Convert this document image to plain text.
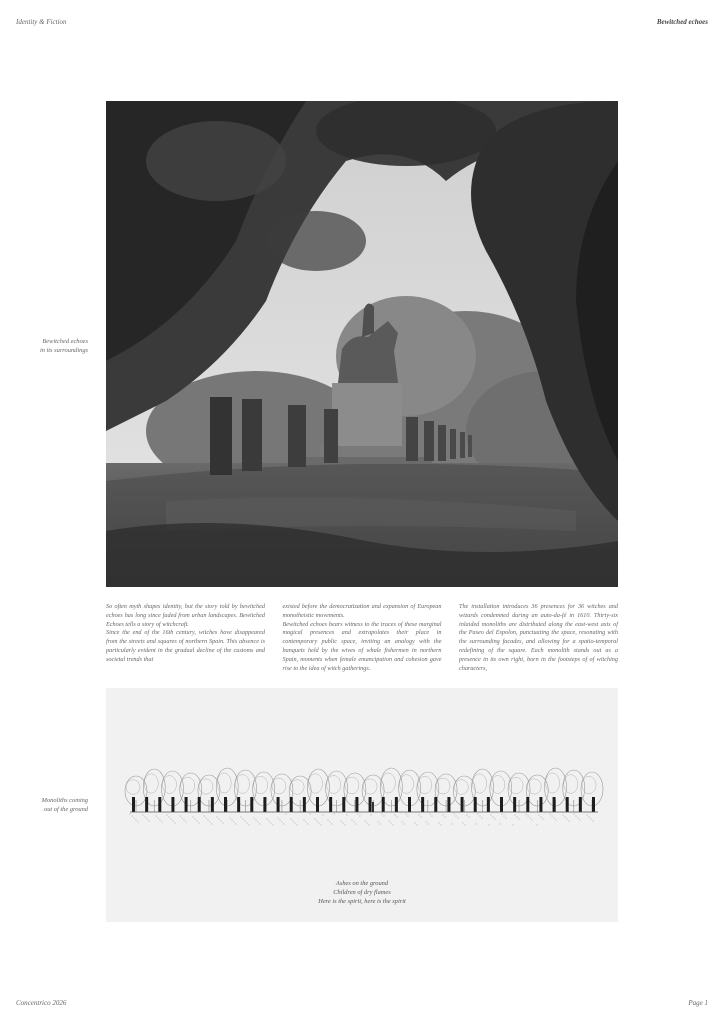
Identity & Fiction	Bewitched echoes
Bewitched echoes
in its surroundings

So often myth shapes identity, but the story told by bewitched echoes has long since faded from urban landscapes. Bewitched Echoes tells a story of witchcraft.

Since the end of the 16th century, witches have disappeared from the streets and squares of northern Spain. This absence is particularly evident in the gradual decline of the customs and societal trends that

existed before the democratization and expansion of European monotheistic movements.

Bewitched echoes bears witness to the traces of these marginal magical presences and extrapolates their place in contemporary public space, inviting an analogy with the banquets held by the wives of whale fishermen in northern Spain, moments when female emancipation and cohesion gave rise to the idea of witch gatherings.

The installation introduces 36 presences for 36 witches and wizards condemned during an auto-da-fé in 1610. Thirty-six inlaided monoliths are distributed along the east-west axis of the Paseo del Espolon, punctuating the space, resonating with the surrounding facades, and allowing for a spatio-temporal redefining of the square. Each monolith stands out as a presence in its own right, born in the footsteps of of witching characters,

Monoliths coming
out of the ground
Ashes on the ground
Children of dry flames
Here is the spirit, here is the spirit
Concentrico 2026	Page 1
